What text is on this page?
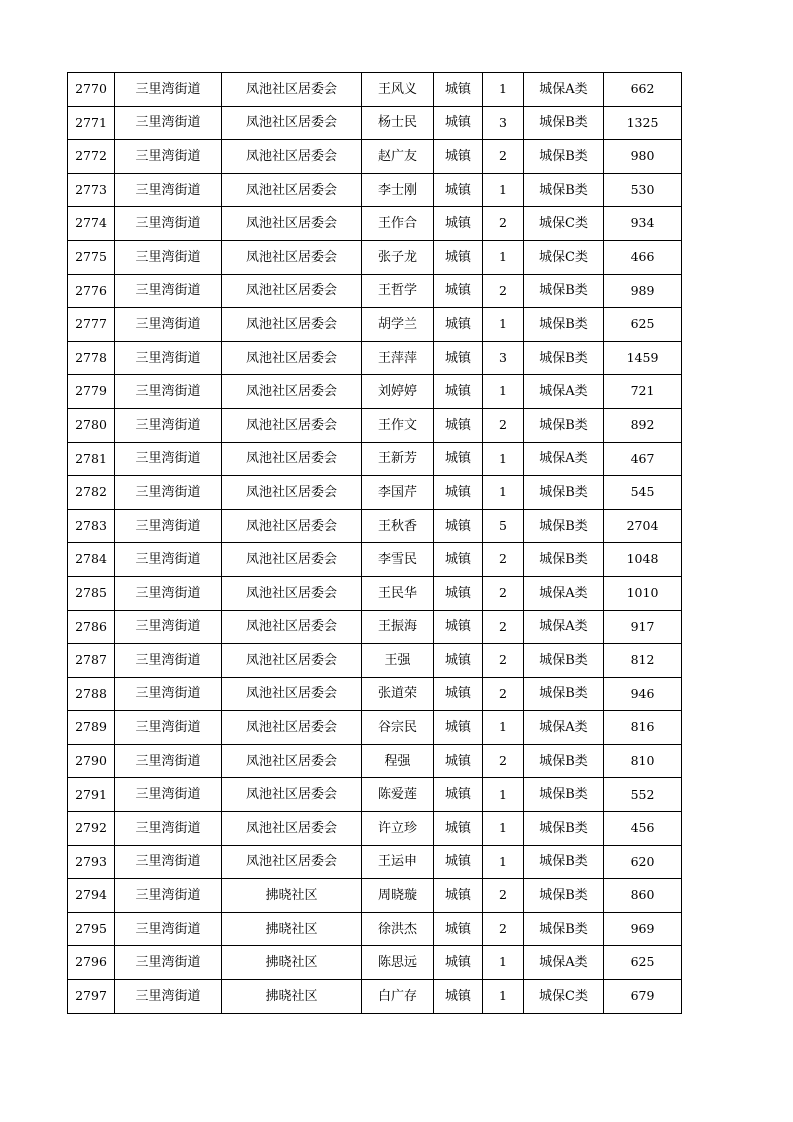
2770	三里湾街道	凤池社区居委会	王风义	城镇	1	城保A类	662
2771	三里湾街道	凤池社区居委会	杨士民	城镇	3	城保B类	1325
2772	三里湾街道	凤池社区居委会	赵广友	城镇	2	城保B类	980
2773	三里湾街道	凤池社区居委会	李士刚	城镇	1	城保B类	530
2774	三里湾街道	凤池社区居委会	王作合	城镇	2	城保C类	934
2775	三里湾街道	凤池社区居委会	张子龙	城镇	1	城保C类	466
2776	三里湾街道	凤池社区居委会	王哲学	城镇	2	城保B类	989
2777	三里湾街道	凤池社区居委会	胡学兰	城镇	1	城保B类	625
2778	三里湾街道	凤池社区居委会	王萍萍	城镇	3	城保B类	1459
2779	三里湾街道	凤池社区居委会	刘婷婷	城镇	1	城保A类	721
2780	三里湾街道	凤池社区居委会	王作文	城镇	2	城保B类	892
2781	三里湾街道	凤池社区居委会	王新芳	城镇	1	城保A类	467
2782	三里湾街道	凤池社区居委会	李国芹	城镇	1	城保B类	545
2783	三里湾街道	凤池社区居委会	王秋香	城镇	5	城保B类	2704
2784	三里湾街道	凤池社区居委会	李雪民	城镇	2	城保B类	1048
2785	三里湾街道	凤池社区居委会	王民华	城镇	2	城保A类	1010
2786	三里湾街道	凤池社区居委会	王振海	城镇	2	城保A类	917
2787	三里湾街道	凤池社区居委会	王强	城镇	2	城保B类	812
2788	三里湾街道	凤池社区居委会	张道荣	城镇	2	城保B类	946
2789	三里湾街道	凤池社区居委会	谷宗民	城镇	1	城保A类	816
2790	三里湾街道	凤池社区居委会	程强	城镇	2	城保B类	810
2791	三里湾街道	凤池社区居委会	陈爱莲	城镇	1	城保B类	552
2792	三里湾街道	凤池社区居委会	许立珍	城镇	1	城保B类	456
2793	三里湾街道	凤池社区居委会	王运申	城镇	1	城保B类	620
2794	三里湾街道	拂晓社区	周晓璇	城镇	2	城保B类	860
2795	三里湾街道	拂晓社区	徐洪杰	城镇	2	城保B类	969
2796	三里湾街道	拂晓社区	陈思远	城镇	1	城保A类	625
2797	三里湾街道	拂晓社区	白广存	城镇	1	城保C类	679
